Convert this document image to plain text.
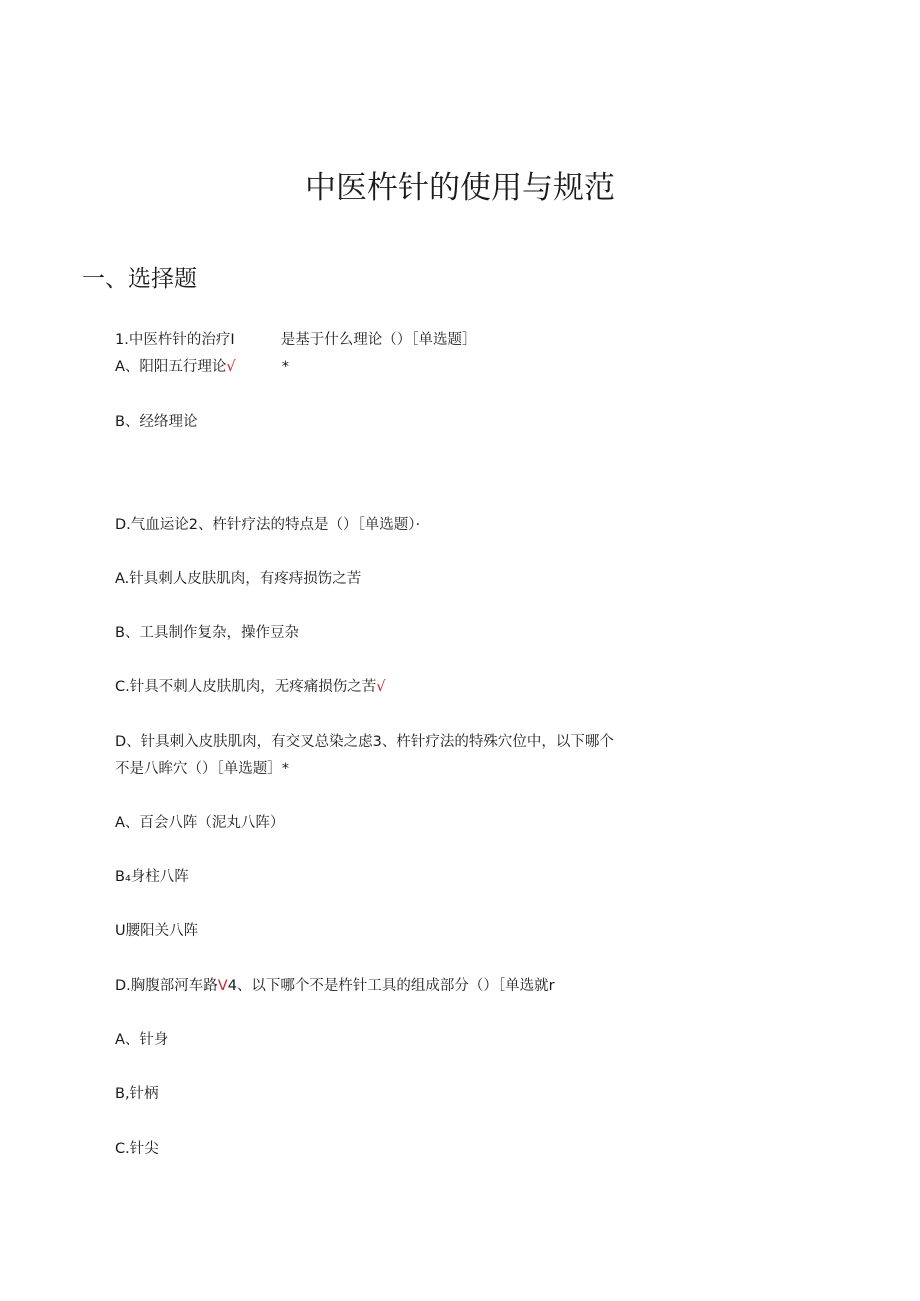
中医杵针的使用与规范
一、选择题
1.中医杵针的治疗I          是基于什么理论（）［单选题］
A、阳阳五行理论√          *
B、经络理论
D.气血运论2、杵针疗法的特点是（）［单选题）·
A.针具刺人皮肤肌肉，有疼痔损饬之苦
B、工具制作复杂，操作豆杂
C.针具不刺人皮肤肌肉，无疼痛损伤之苦√
D、针具刺入皮肤肌肉，有交叉总染之虑3、杵针疗法的特殊穴位中，以下哪个
不是八眸穴（）［单选题］*
A、百会八阵（泥丸八阵）
B₄身柱八阵
U腰阳关八阵
D.胸腹部河车路V4、以下哪个不是杵针工具的组成部分（）［单选就r
A、针身
B,针柄
C.针尖
